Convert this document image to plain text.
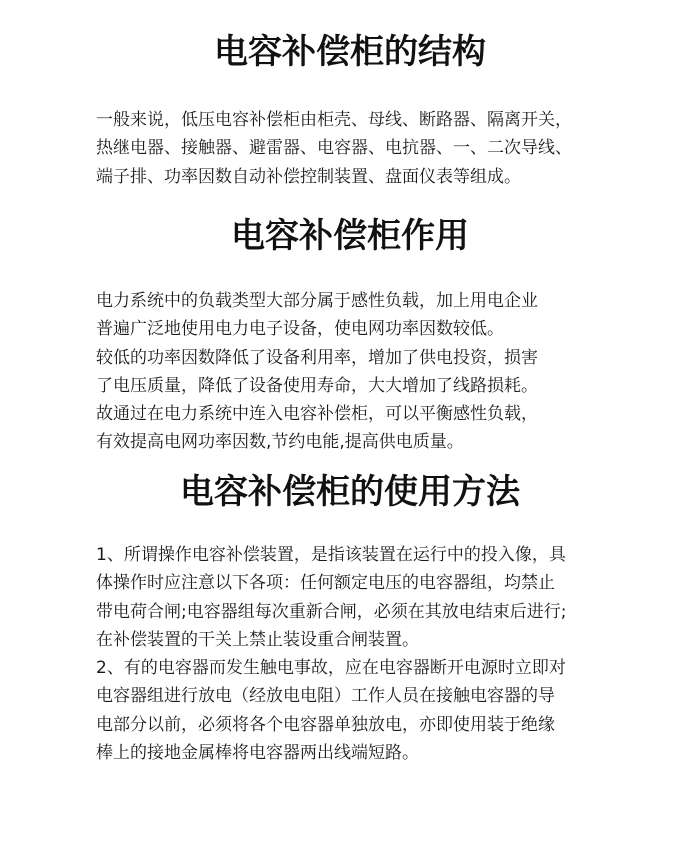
电容补偿柜的结构

一般来说，低压电容补偿柜由柜壳、母线、断路器、隔离开关，
热继电器、接触器、避雷器、电容器、电抗器、一、二次导线、
端子排、功率因数自动补偿控制装置、盘面仪表等组成。

电容补偿柜作用

电力系统中的负载类型大部分属于感性负载，加上用电企业
普遍广泛地使用电力电子设备，使电网功率因数较低。
较低的功率因数降低了设备利用率，增加了供电投资，损害
了电压质量，降低了设备使用寿命，大大增加了线路损耗。
故通过在电力系统中连入电容补偿柜，可以平衡感性负载，
有效提高电网功率因数,节约电能,提高供电质量。

电容补偿柜的使用方法

1、所谓操作电容补偿装置，是指该装置在运行中的投入像，具
体操作时应注意以下各项：任何额定电压的电容器组，均禁止
带电荷合闸;电容器组每次重新合闸，必须在其放电结束后进行;
在补偿装置的干关上禁止装设重合闸装置。
2、有的电容器而发生触电事故，应在电容器断开电源时立即对
电容器组进行放电（经放电电阻）工作人员在接触电容器的导
电部分以前，必须将各个电容器单独放电，亦即使用装于绝缘
棒上的接地金属棒将电容器两出线端短路。
